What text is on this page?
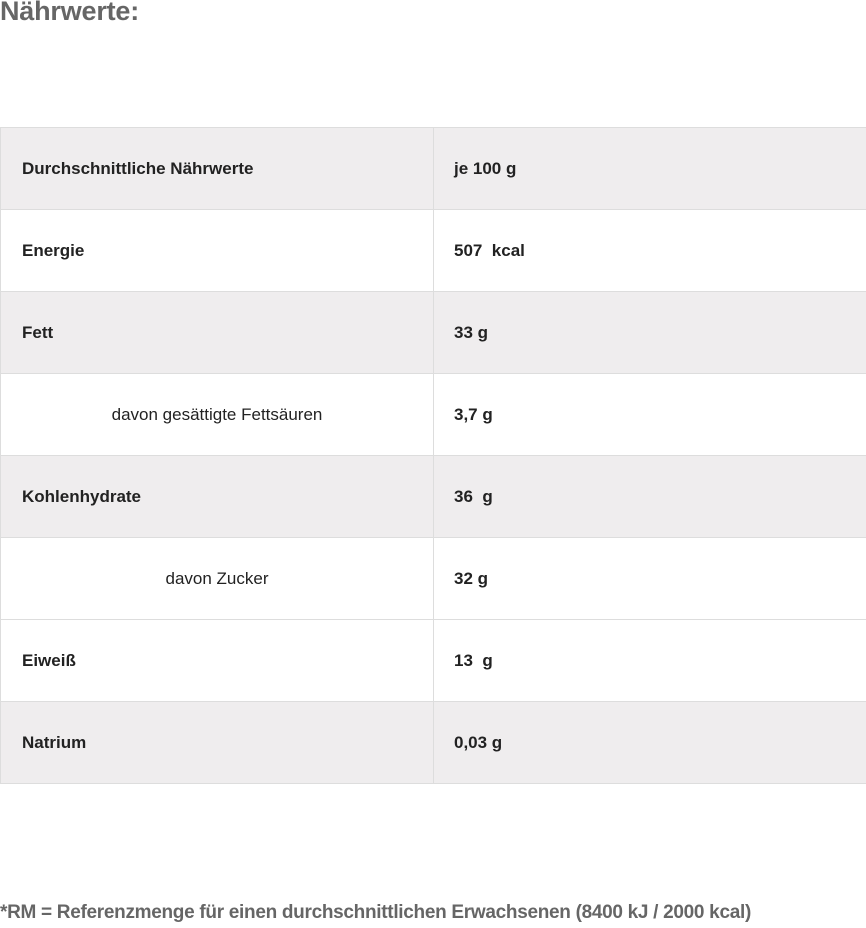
Nährwerte:
Durchschnittliche Nährwerte	je 100 g
Energie	507  kcal
Fett	33 g
davon gesättigte Fettsäuren	3,7 g
Kohlenhydrate	36  g
davon Zucker	32 g
Eiweiß	13  g
Natrium	0,03 g

*RM = Referenzmenge für einen durchschnittlichen Erwachsenen (8400 kJ / 2000 kcal)
